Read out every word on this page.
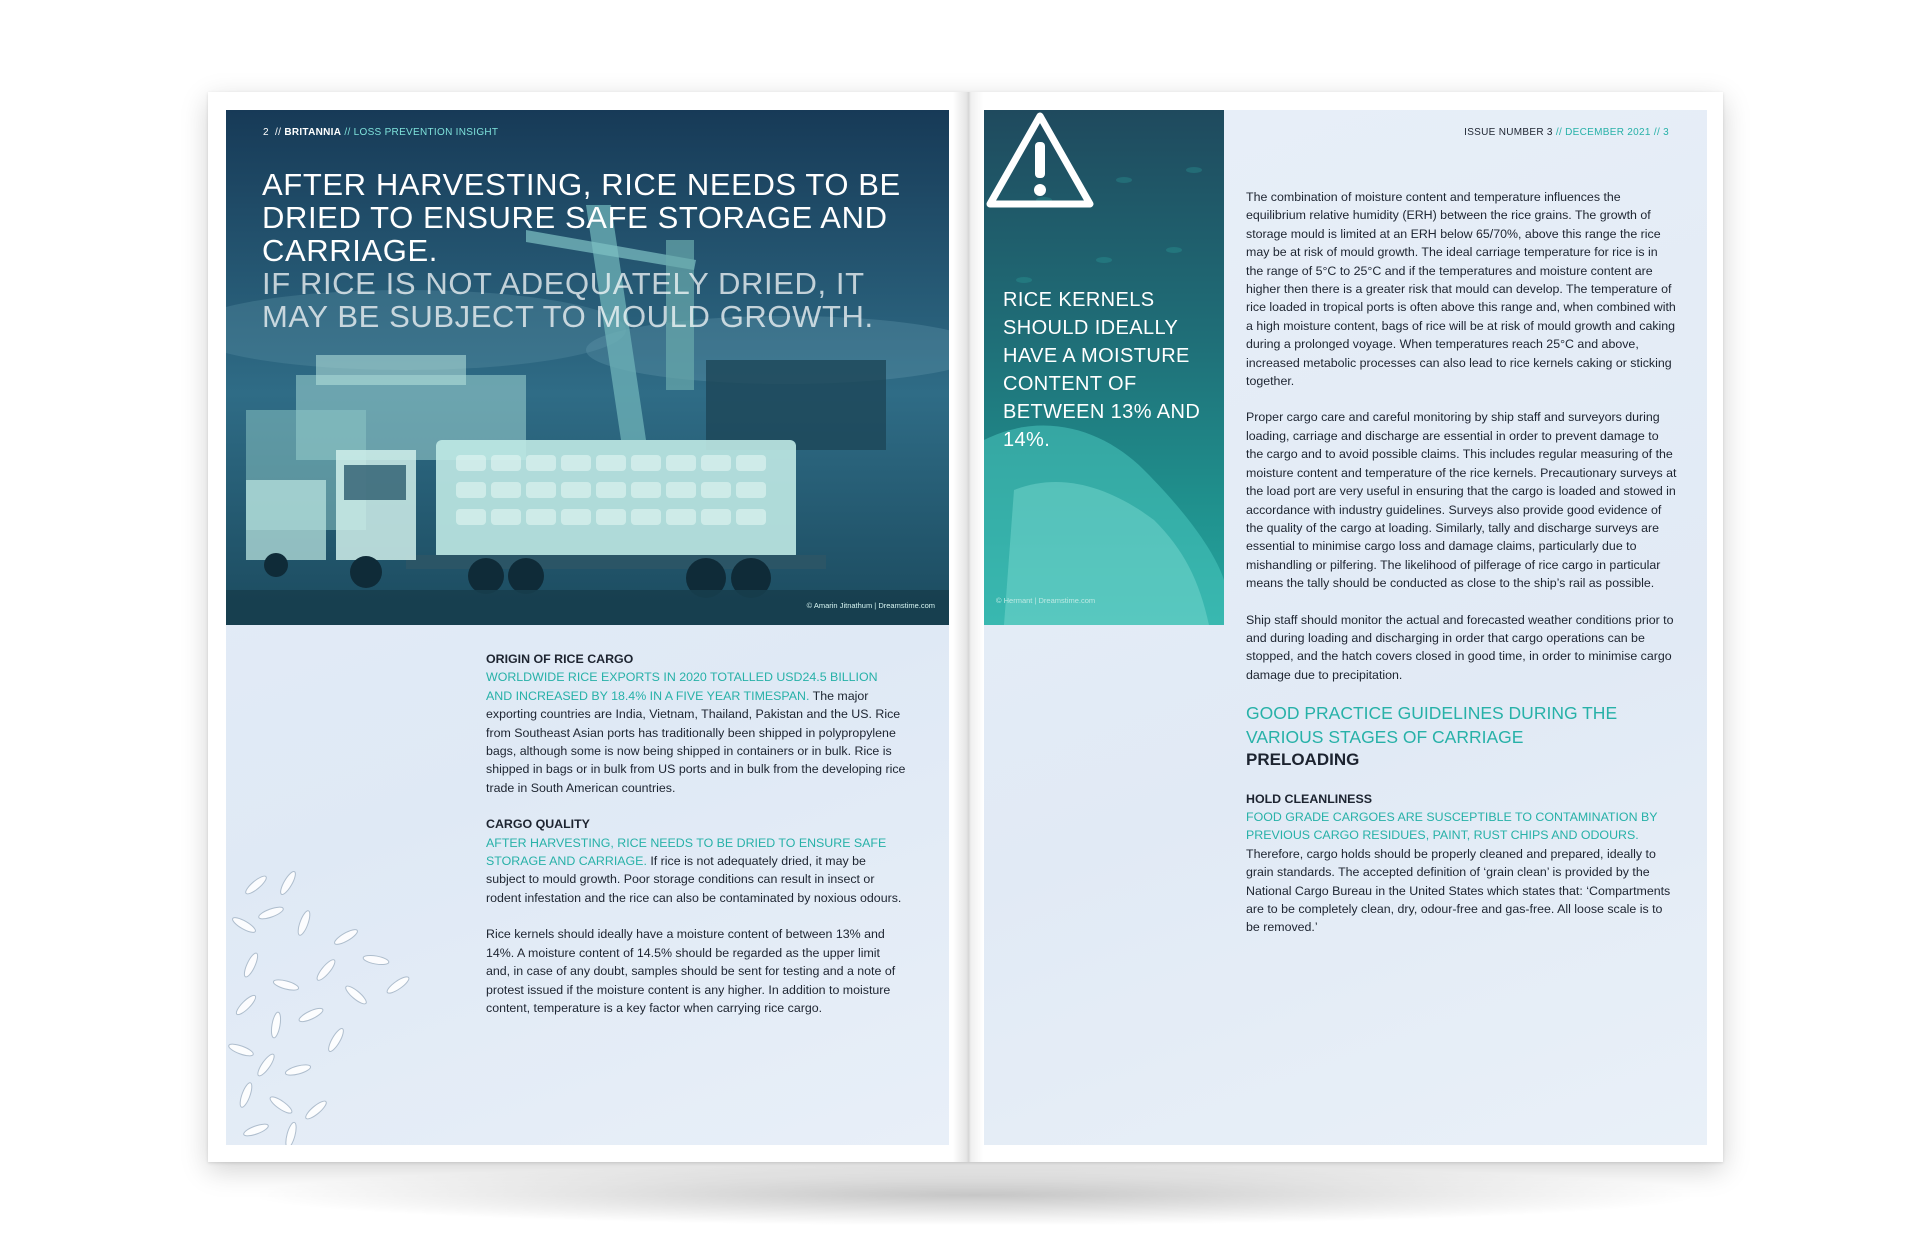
2 // BRITANNIA // LOSS PREVENTION INSIGHT
AFTER HARVESTING, RICE NEEDS TO BE DRIED TO ENSURE SAFE STORAGE AND CARRIAGE.
IF RICE IS NOT ADEQUATELY DRIED, IT MAY BE SUBJECT TO MOULD GROWTH.
© Amarin Jitnathum | Dreamstime.com
ORIGIN OF RICE CARGO
WORLDWIDE RICE EXPORTS IN 2020 TOTALLED USD24.5 BILLION AND INCREASED BY 18.4% IN A FIVE YEAR TIMESPAN. The major exporting countries are India, Vietnam, Thailand, Pakistan and the US. Rice from Southeast Asian ports has traditionally been shipped in polypropylene bags, although some is now being shipped in containers or in bulk. Rice is shipped in bags or in bulk from US ports and in bulk from the developing rice trade in South American countries.
CARGO QUALITY
AFTER HARVESTING, RICE NEEDS TO BE DRIED TO ENSURE SAFE STORAGE AND CARRIAGE. If rice is not adequately dried, it may be subject to mould growth. Poor storage conditions can result in insect or rodent infestation and the rice can also be contaminated by noxious odours.
Rice kernels should ideally have a moisture content of between 13% and 14%. A moisture content of 14.5% should be regarded as the upper limit and, in case of any doubt, samples should be sent for testing and a note of protest issued if the moisture content is any higher. In addition to moisture content, temperature is a key factor when carrying rice cargo.
RICE KERNELS SHOULD IDEALLY HAVE A MOISTURE CONTENT OF BETWEEN 13% AND 14%.
© Hermant | Dreamstime.com
ISSUE NUMBER 3 // DECEMBER 2021 // 3
The combination of moisture content and temperature influences the equilibrium relative humidity (ERH) between the rice grains. The growth of storage mould is limited at an ERH below 65/70%, above this range the rice may be at risk of mould growth. The ideal carriage temperature for rice is in the range of 5°C to 25°C and if the temperatures and moisture content are higher then there is a greater risk that mould can develop. The temperature of rice loaded in tropical ports is often above this range and, when combined with a high moisture content, bags of rice will be at risk of mould growth and caking during a prolonged voyage. When temperatures reach 25°C and above, increased metabolic processes can also lead to rice kernels caking or sticking together.
Proper cargo care and careful monitoring by ship staff and surveyors during loading, carriage and discharge are essential in order to prevent damage to the cargo and to avoid possible claims. This includes regular measuring of the moisture content and temperature of the rice kernels. Precautionary surveys at the load port are very useful in ensuring that the cargo is loaded and stowed in accordance with industry guidelines. Surveys also provide good evidence of the quality of the cargo at loading. Similarly, tally and discharge surveys are essential to minimise cargo loss and damage claims, particularly due to mishandling or pilfering. The likelihood of pilferage of rice cargo in particular means the tally should be conducted as close to the ship’s rail as possible.
Ship staff should monitor the actual and forecasted weather conditions prior to and during loading and discharging in order that cargo operations can be stopped, and the hatch covers closed in good time, in order to minimise cargo damage due to precipitation.
GOOD PRACTICE GUIDELINES DURING THE VARIOUS STAGES OF CARRIAGE
PRELOADING
HOLD CLEANLINESS
FOOD GRADE CARGOES ARE SUSCEPTIBLE TO CONTAMINATION BY PREVIOUS CARGO RESIDUES, PAINT, RUST CHIPS AND ODOURS. Therefore, cargo holds should be properly cleaned and prepared, ideally to grain standards. The accepted definition of ‘grain clean’ is provided by the National Cargo Bureau in the United States which states that: ‘Compartments are to be completely clean, dry, odour-free and gas-free. All loose scale is to be removed.’
